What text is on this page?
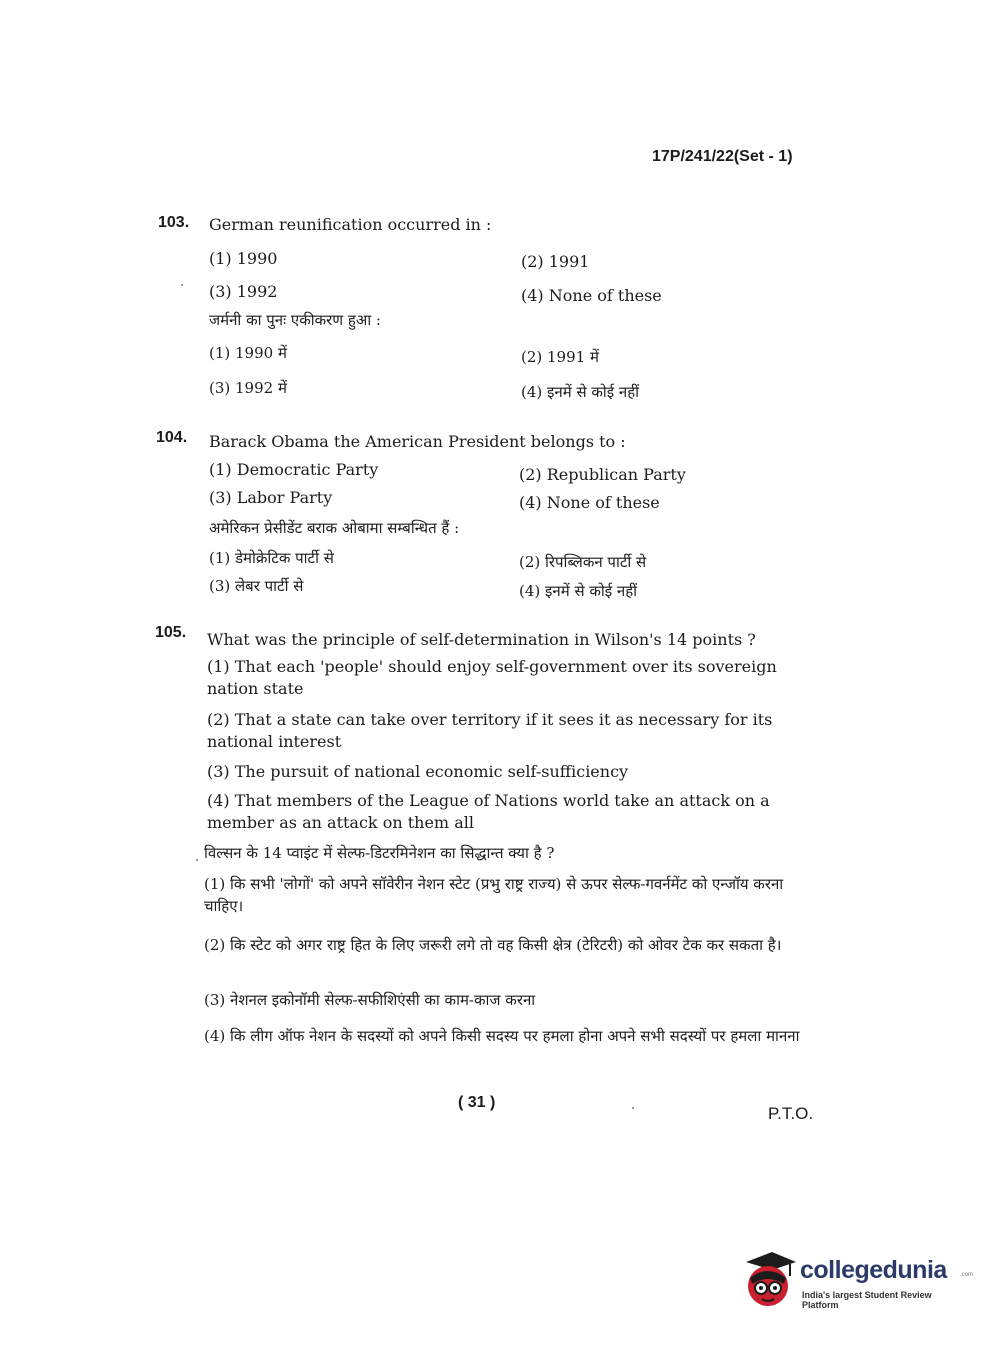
17P/241/22(Set - 1)
103. German reunification occurred in :
(1) 1990	(2) 1991
(3) 1992	(4) None of these
जर्मनी का पुनः एकीकरण हुआ :
(1) 1990 में	(2) 1991 में
(3) 1992 में	(4) इनमें से कोई नहीं
104. Barack Obama the American President belongs to :
(1) Democratic Party	(2) Republican Party
(3) Labor Party	(4) None of these
अमेरिकन प्रेसीडेंट बराक ओबामा सम्बन्धित हैं :
(1) डेमोक्रेटिक पार्टी से	(2) रिपब्लिकन पार्टी से
(3) लेबर पार्टी से	(4) इनमें से कोई नहीं
105. What was the principle of self-determination in Wilson's 14 points ?
(1) That each 'people' should enjoy self-government over its sovereign nation state
(2) That a state can take over territory if it sees it as necessary for its national interest
(3) The pursuit of national economic self-sufficiency
(4) That members of the League of Nations world take an attack on a member as an attack on them all
विल्सन के 14 प्वाइंट में सेल्फ-डिटरमिनेशन का सिद्धान्त क्या है ?
(1) कि सभी 'लोगों' को अपने सॉवेरीन नेशन स्टेट (प्रभु राष्ट्र राज्य) से ऊपर सेल्फ-गवर्नमेंट को एन्जॉय करना चाहिए।
(2) कि स्टेट को अगर राष्ट्र हित के लिए जरूरी लगे तो वह किसी क्षेत्र (टेरिटरी) को ओवर टेक कर सकता है।
(3) नेशनल इकोनॉमी सेल्फ-सफीशिएंसी का काम-काज करना
(4) कि लीग ऑफ नेशन के सदस्यों को अपने किसी सदस्य पर हमला होना अपने सभी सदस्यों पर हमला मानना
( 31 )
P.T.O.
collegedunia .com
India's largest Student Review Platform
